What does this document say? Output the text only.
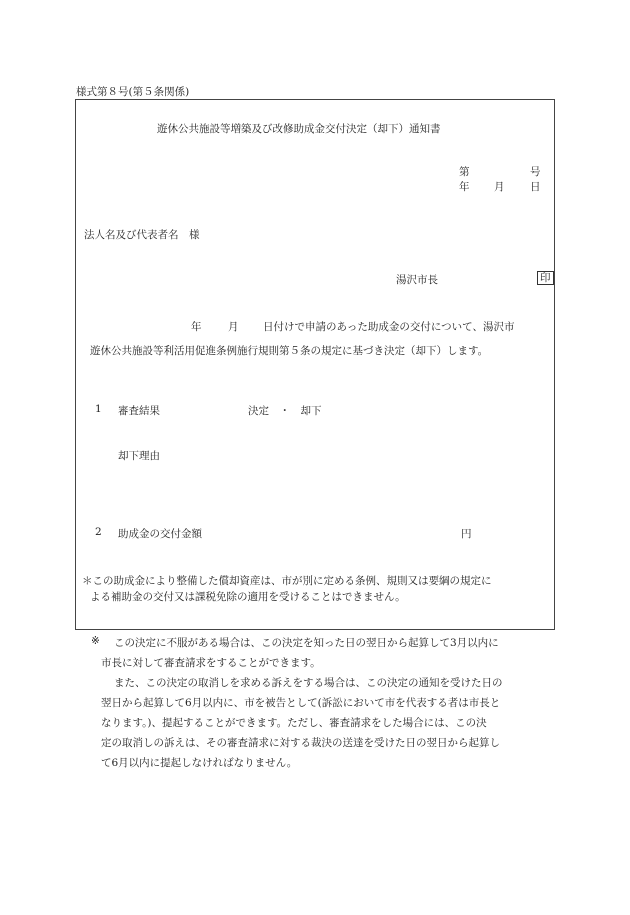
様式第８号(第５条関係)
遊休公共施設等増築及び改修助成金交付決定（却下）通知書
第	号
年 月 日
法人名及び代表者名　様
湯沢市長	印
年	月 日付けで申請のあった助成金の交付について、湯沢市
遊休公共施設等利活用促進条例施行規則第５条の規定に基づき決定（却下）します。
1 審査結果	決定　・　却下
却下理由
2 助成金の交付金額	円
＊この助成金により整備した償却資産は、市が別に定める条例、規則又は要綱の規定に
よる補助金の交付又は課税免除の適用を受けることはできません。
※ この決定に不服がある場合は、この決定を知った日の翌日から起算して3月以内に
市長に対して審査請求をすることができます。
また、この決定の取消しを求める訴えをする場合は、この決定の通知を受けた日の
翌日から起算して6月以内に、市を被告として(訴訟において市を代表する者は市長と
なります。)、提起することができます。ただし、審査請求をした場合には、この決
定の取消しの訴えは、その審査請求に対する裁決の送達を受けた日の翌日から起算し
て6月以内に提起しなければなりません。
